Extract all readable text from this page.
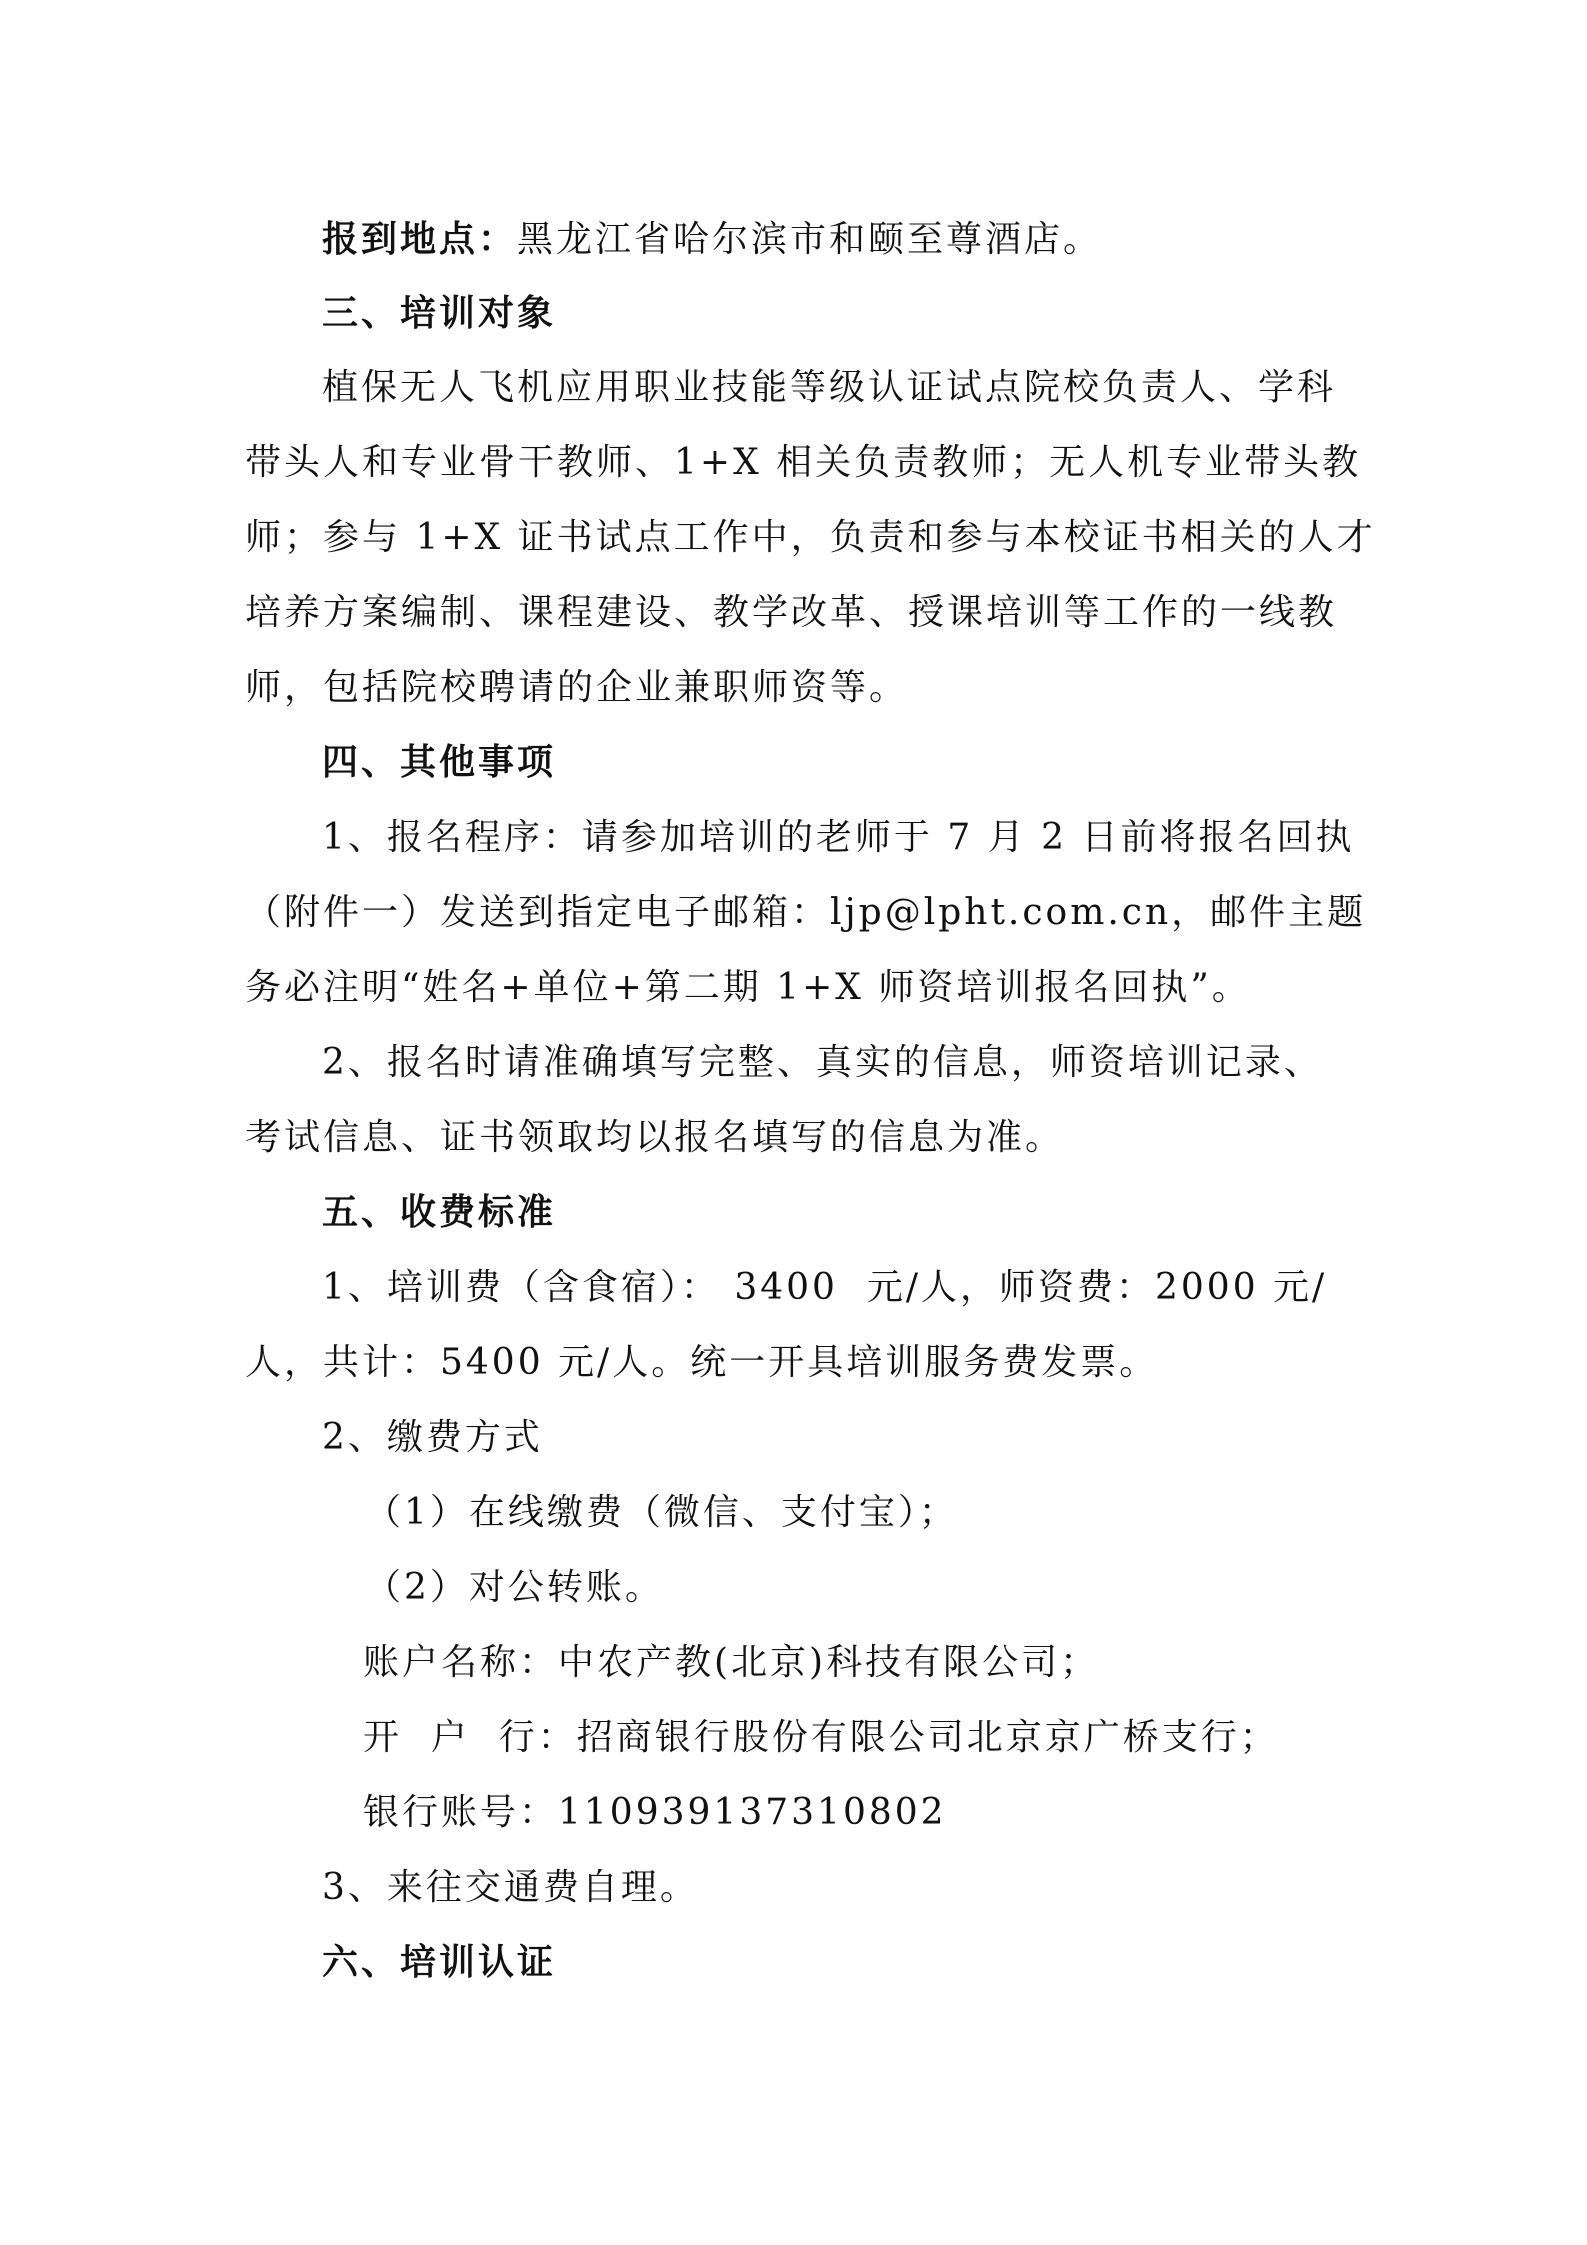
报到地点：黑龙江省哈尔滨市和颐至尊酒店。
三、培训对象
植保无人飞机应用职业技能等级认证试点院校负责人、学科
带头人和专业骨干教师、1+X 相关负责教师；无人机专业带头教
师；参与 1+X 证书试点工作中，负责和参与本校证书相关的人才
培养方案编制、课程建设、教学改革、授课培训等工作的一线教
师，包括院校聘请的企业兼职师资等。
四、其他事项
1、报名程序：请参加培训的老师于 7 月 2 日前将报名回执
（附件一）发送到指定电子邮箱：ljp@lpht.com.cn，邮件主题
务必注明“姓名+单位+第二期 1+X 师资培训报名回执”。
2、报名时请准确填写完整、真实的信息，师资培训记录、
考试信息、证书领取均以报名填写的信息为准。
五、收费标准
1、培训费（含食宿）： 3400  元/人，师资费：2000 元/
人，共计：5400 元/人。统一开具培训服务费发票。
2、缴费方式
（1）在线缴费（微信、支付宝）；
（2）对公转账。
账户名称：中农产教(北京)科技有限公司；
开  户  行：招商银行股份有限公司北京京广桥支行；
银行账号：110939137310802
3、来往交通费自理。
六、培训认证
